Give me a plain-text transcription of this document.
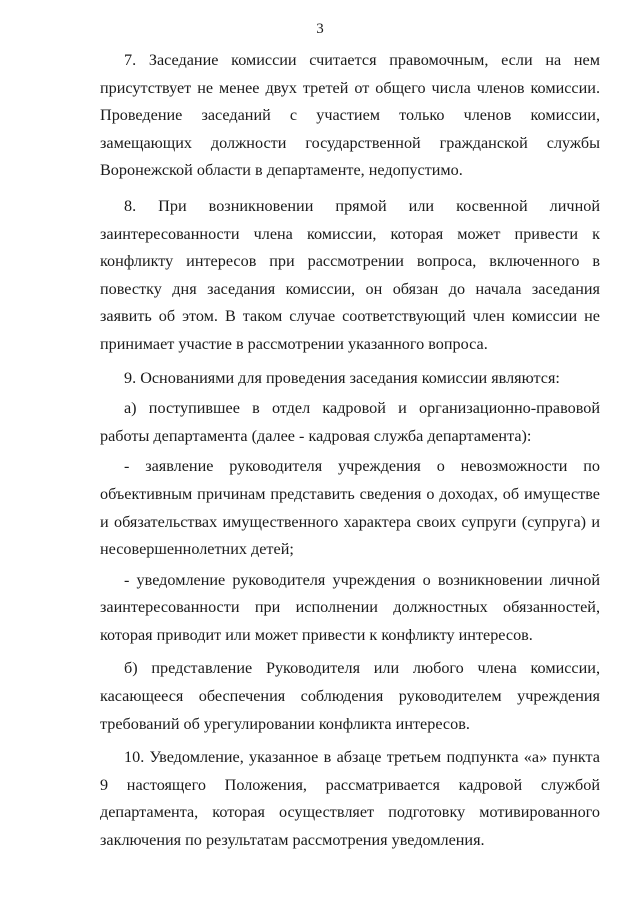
3

7. Заседание комиссии считается правомочным, если на нем присутствует не менее двух третей от общего числа членов комиссии. Проведение заседаний с участием только членов комиссии, замещающих должности государственной гражданской службы Воронежской области в департаменте, недопустимо.

8. При возникновении прямой или косвенной личной заинтересованности члена комиссии, которая может привести к конфликту интересов при рассмотрении вопроса, включенного в повестку дня заседания комиссии, он обязан до начала заседания заявить об этом. В таком случае соответствующий член комиссии не принимает участие в рассмотрении указанного вопроса.

9. Основаниями для проведения заседания комиссии являются:

а) поступившее в отдел кадровой и организационно-правовой работы департамента (далее - кадровая служба департамента):

- заявление руководителя учреждения о невозможности по объективным причинам представить сведения о доходах, об имуществе и обязательствах имущественного характера своих супруги (супруга) и несовершеннолетних детей;

- уведомление руководителя учреждения о возникновении личной заинтересованности при исполнении должностных обязанностей, которая приводит или может привести к конфликту интересов.

б) представление Руководителя или любого члена комиссии, касающееся обеспечения соблюдения руководителем учреждения требований об урегулировании конфликта интересов.

10. Уведомление, указанное в абзаце третьем подпункта «а» пункта 9 настоящего Положения, рассматривается кадровой службой департамента, которая осуществляет подготовку мотивированного заключения по результатам рассмотрения уведомления.
